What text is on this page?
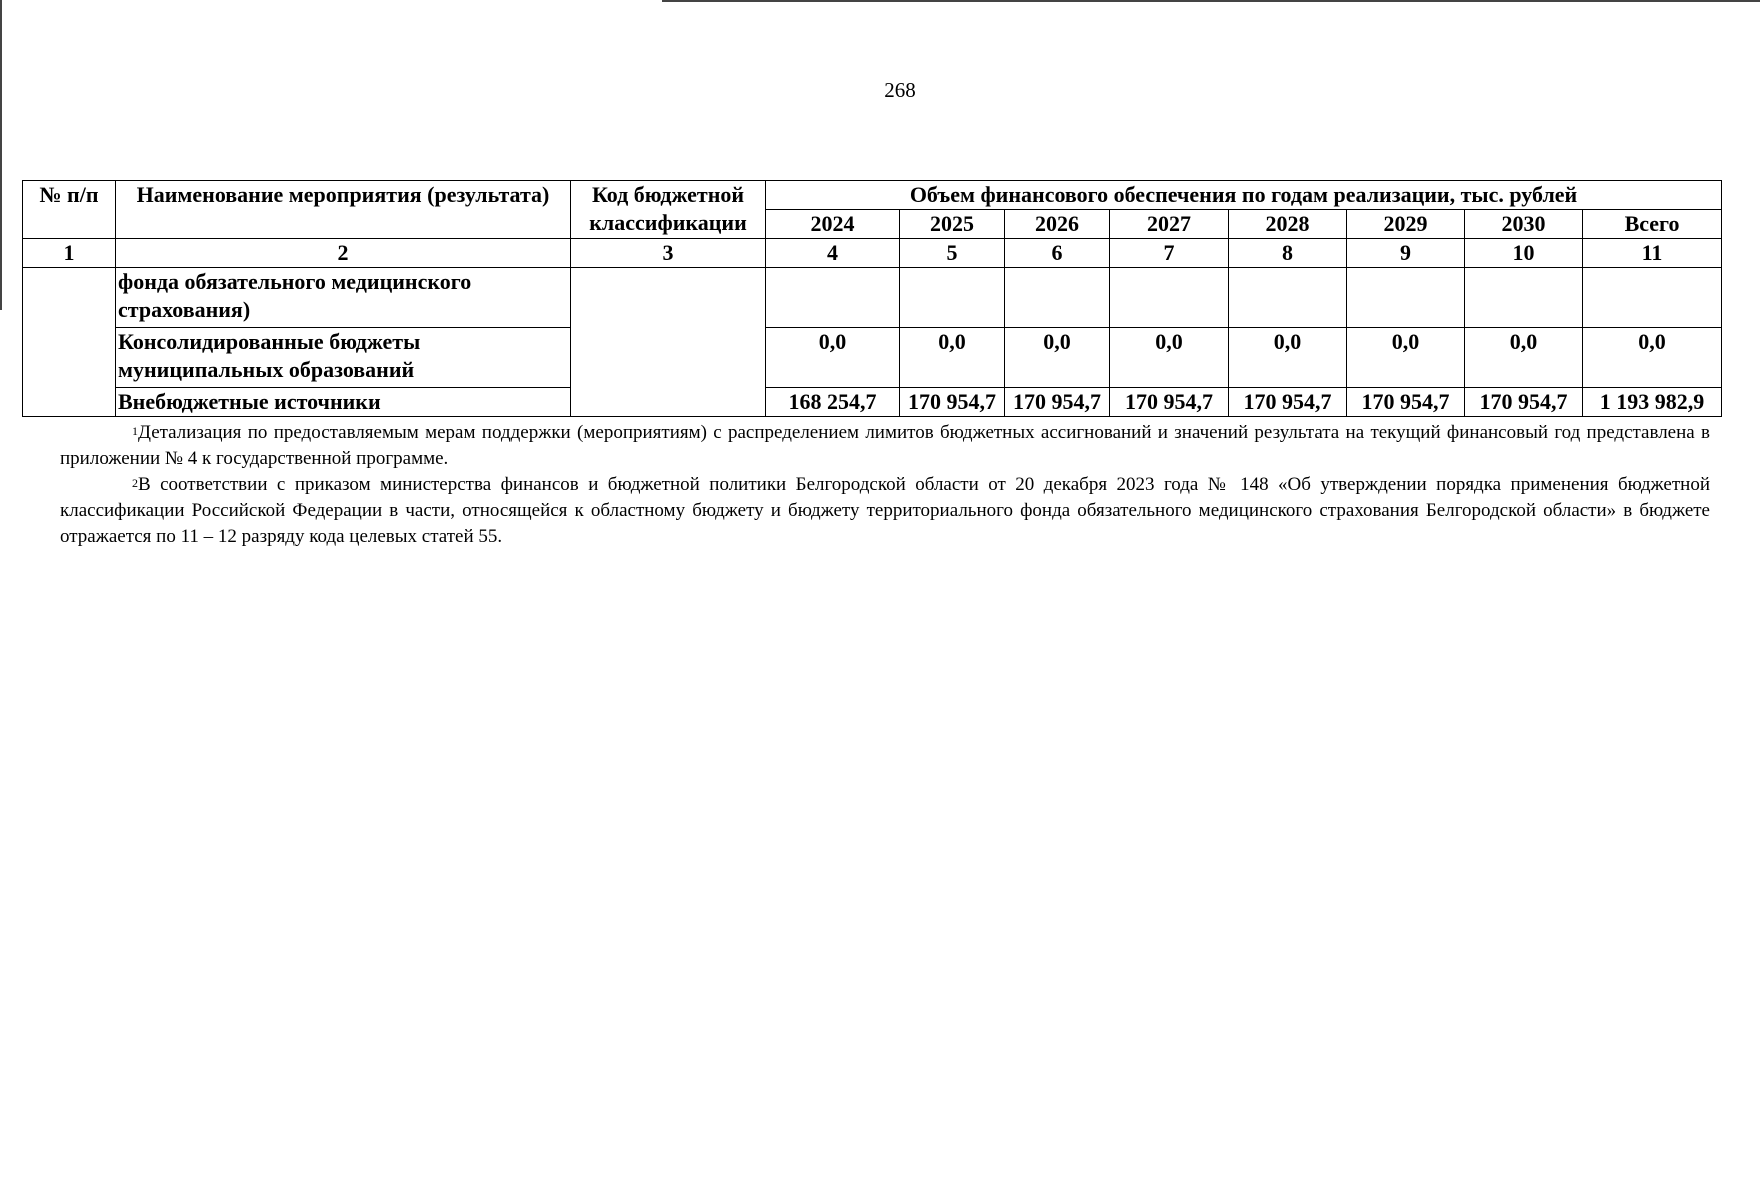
268
№ п/п	Наименование мероприятия (результата)	Код бюджетной классификации	Объем финансового обеспечения по годам реализации, тыс. рублей							
			2024	2025	2026	2027	2028	2029	2030	Всего
1	2	3	4	5	6	7	8	9	10	11
	фонда обязательного медицинского страхования)									
	Консолидированные бюджеты муниципальных образований		0,0	0,0	0,0	0,0	0,0	0,0	0,0	0,0
	Внебюджетные источники		168 254,7	170 954,7	170 954,7	170 954,7	170 954,7	170 954,7	170 954,7	1 193 982,9

$^1$Детализация по предоставляемым мерам поддержки (мероприятиям) с распределением лимитов бюджетных ассигнований и значений результата на текущий финансовый год представлена в приложении № 4 к государственной программе.

$^2$В соответствии с приказом министерства финансов и бюджетной политики Белгородской области от 20 декабря 2023 года № 148 «Об утверждении порядка применения бюджетной классификации Российской Федерации в части, относящейся к областному бюджету и бюджету территориального фонда обязательного медицинского страхования Белгородской области» в бюджете отражается по 11 – 12 разряду кода целевых статей 55.
